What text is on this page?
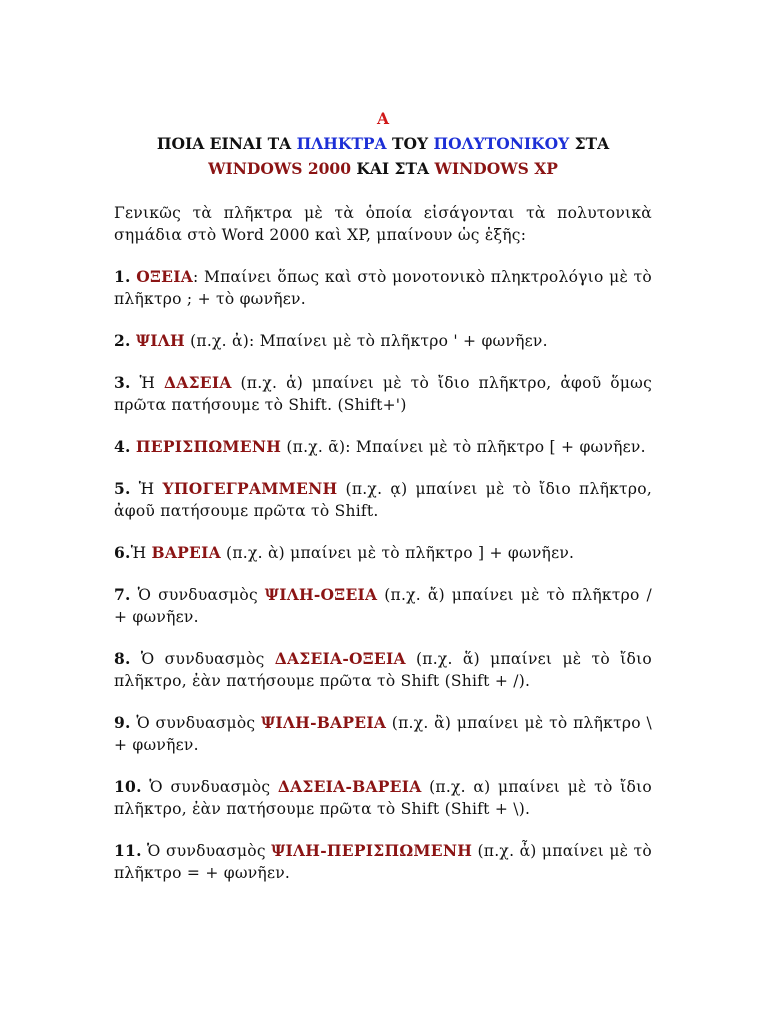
Α
ΠΟΙΑ ΕΙΝΑΙ ΤΑ ΠΛΗΚΤΡΑ ΤΟΥ ΠΟΛΥΤΟΝΙΚΟΥ ΣΤΑ
WINDOWS 2000 ΚΑΙ ΣΤΑ WINDOWS XP

Γενικῶς τὰ πλῆκτρα μὲ τὰ ὁποία εἰσάγονται τὰ πολυτονικὰ σημάδια στὸ Word 2000 καὶ XP, μπαίνουν ὡς ἑξῆς:

1. ΟΞΕΙΑ: Μπαίνει ὅπως καὶ στὸ μονοτονικὸ πληκτρολόγιο μὲ τὸ πλῆκτρο ; + τὸ φωνῆεν.

2. ΨΙΛΗ (π.χ. ἀ): Μπαίνει μὲ τὸ πλῆκτρο ' + φωνῆεν.

3. Ἡ ΔΑΣΕΙΑ (π.χ. ἁ) μπαίνει μὲ τὸ ἴδιο πλῆκτρο, ἀφοῦ ὅμως πρῶτα πατήσουμε τὸ Shift. (Shift+')

4. ΠΕΡΙΣΠΩΜΕΝΗ (π.χ. ᾶ): Μπαίνει μὲ τὸ πλῆκτρο [ + φωνῆεν.

5. Ἡ ΥΠΟΓΕΓΡΑΜΜΕΝΗ (π.χ. ᾳ) μπαίνει μὲ τὸ ἴδιο πλῆκτρο, ἀφοῦ πατήσουμε πρῶτα τὸ Shift.

6.Ἡ ΒΑΡΕΙΑ (π.χ. ὰ) μπαίνει μὲ τὸ πλῆκτρο ] + φωνῆεν.

7. Ὁ συνδυασμὸς ΨΙΛΗ-ΟΞΕΙΑ (π.χ. ἄ) μπαίνει μὲ τὸ πλῆκτρο / + φωνῆεν.

8. Ὁ συνδυασμὸς ΔΑΣΕΙΑ-ΟΞΕΙΑ (π.χ. ἅ) μπαίνει μὲ τὸ ἴδιο πλῆκτρο, ἐὰν πατήσουμε πρῶτα τὸ Shift (Shift + /).

9. Ὁ συνδυασμὸς ΨΙΛΗ-ΒΑΡΕΙΑ (π.χ. ἂ) μπαίνει μὲ τὸ πλῆκτρο \ + φωνῆεν.

10. Ὁ συνδυασμὸς ΔΑΣΕΙΑ-ΒΑΡΕΙΑ (π.χ. α) μπαίνει μὲ τὸ ἴδιο πλῆκτρο, ἐὰν πατήσουμε πρῶτα τὸ Shift (Shift + \).

11. Ὁ συνδυασμὸς ΨΙΛΗ-ΠΕΡΙΣΠΩΜΕΝΗ (π.χ. ἆ) μπαίνει μὲ τὸ πλῆκτρο = + φωνῆεν.
